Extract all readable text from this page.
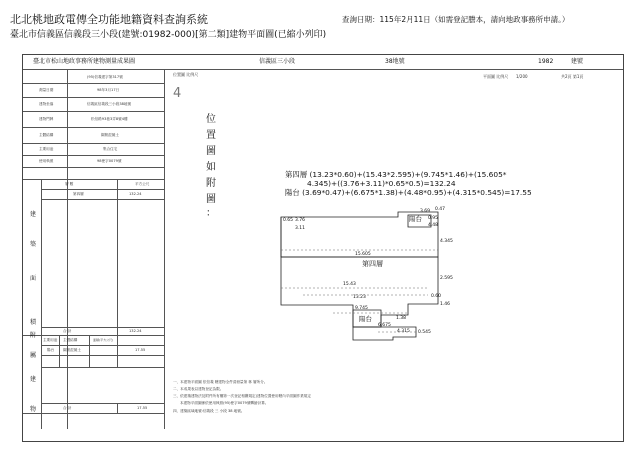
北北桃地政電傳全功能地籍資料查詢系統
臺北市信義區信義段三小段(建號:01982-000)[第二類]建物平面圖(已縮小列印)
查詢日期：115年2月11日（如需登記謄本，請向地政事務所申請。）
臺北市松山地政事務所建物測量成果圖	信義區三小段	38地號	1982	建號
(95)信義建字第317號
測量日期	98年3月17日
建物坐落	信義區信義段三小段38地號
建物門牌	松信路93巷3弄8號4樓
主體結構	鋼筋混凝土
主要用途	集合住宅
使用執照	98使字0079號
層 數	平方公尺
第四層	132.24
建
築
面
積
合 計	132.24
主要用途 主體結構	面積(平方公尺)
陽台 鋼筋混凝土	17.55
附
屬
建
物	合 計	17.55
位置圖 比例尺
4
位
置
圖
如
附
圖
：
平面圖 比例尺 1/200	共2頁 第1頁
第四層 (13.23*0.60)+(15.43*2.595)+(9.745*1.46)+(15.605*
4.345)+((3.76+3.11)*0.65*0.5)=132.24
陽台 (3.69*0.47)+(6.675*1.38)+(4.48*0.95)+(4.315*0.545)=17.55
第四層
陽台
陽台
0.65 3.76
3.11
3.69 0.47
4.48
0.95
4.345
15.605
2.595
0.60
15.43
13.23
1.46
9.745
6.675
1.38
4.315 0.545
一、本建物平面圖 依信義 轄建物全件清冊量第 林 層所分。
二、本成果表以建物登記為限。
三、依建築建物法及附件所有權第一次登記相關規定(建物位置使用轄內平面圖作業規定
本建物平面圖係依使用執照(95)使字0079號轉繪計算。
四、建築區域地號:信義段 三 小段 38 地號。
